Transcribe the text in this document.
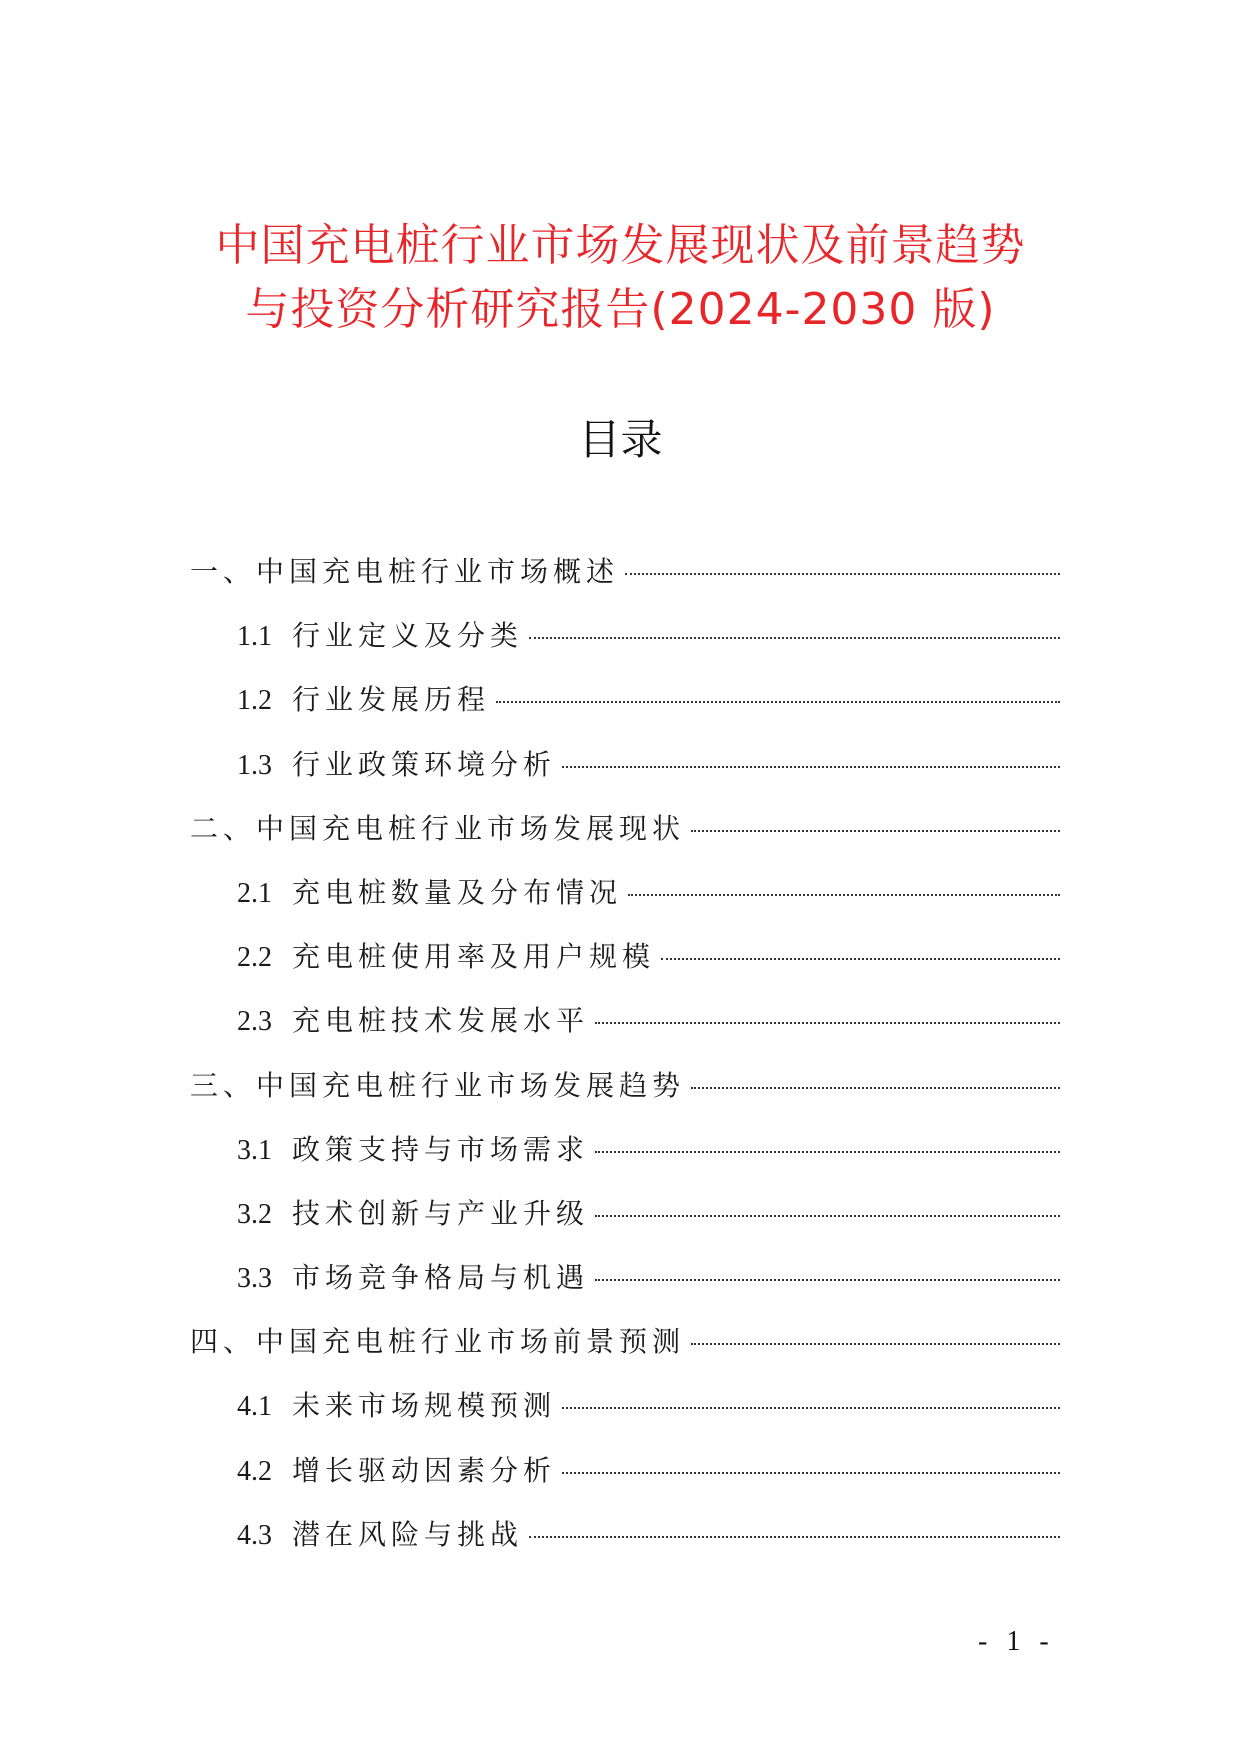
中国充电桩行业市场发展现状及前景趋势
与投资分析研究报告(2024-2030 版)
目录
一、中国充电桩行业市场概述
1.1 行业定义及分类
1.2 行业发展历程
1.3 行业政策环境分析
二、中国充电桩行业市场发展现状
2.1 充电桩数量及分布情况
2.2 充电桩使用率及用户规模
2.3 充电桩技术发展水平
三、中国充电桩行业市场发展趋势
3.1 政策支持与市场需求
3.2 技术创新与产业升级
3.3 市场竞争格局与机遇
四、中国充电桩行业市场前景预测
4.1 未来市场规模预测
4.2 增长驱动因素分析
4.3 潜在风险与挑战
- 1 -
